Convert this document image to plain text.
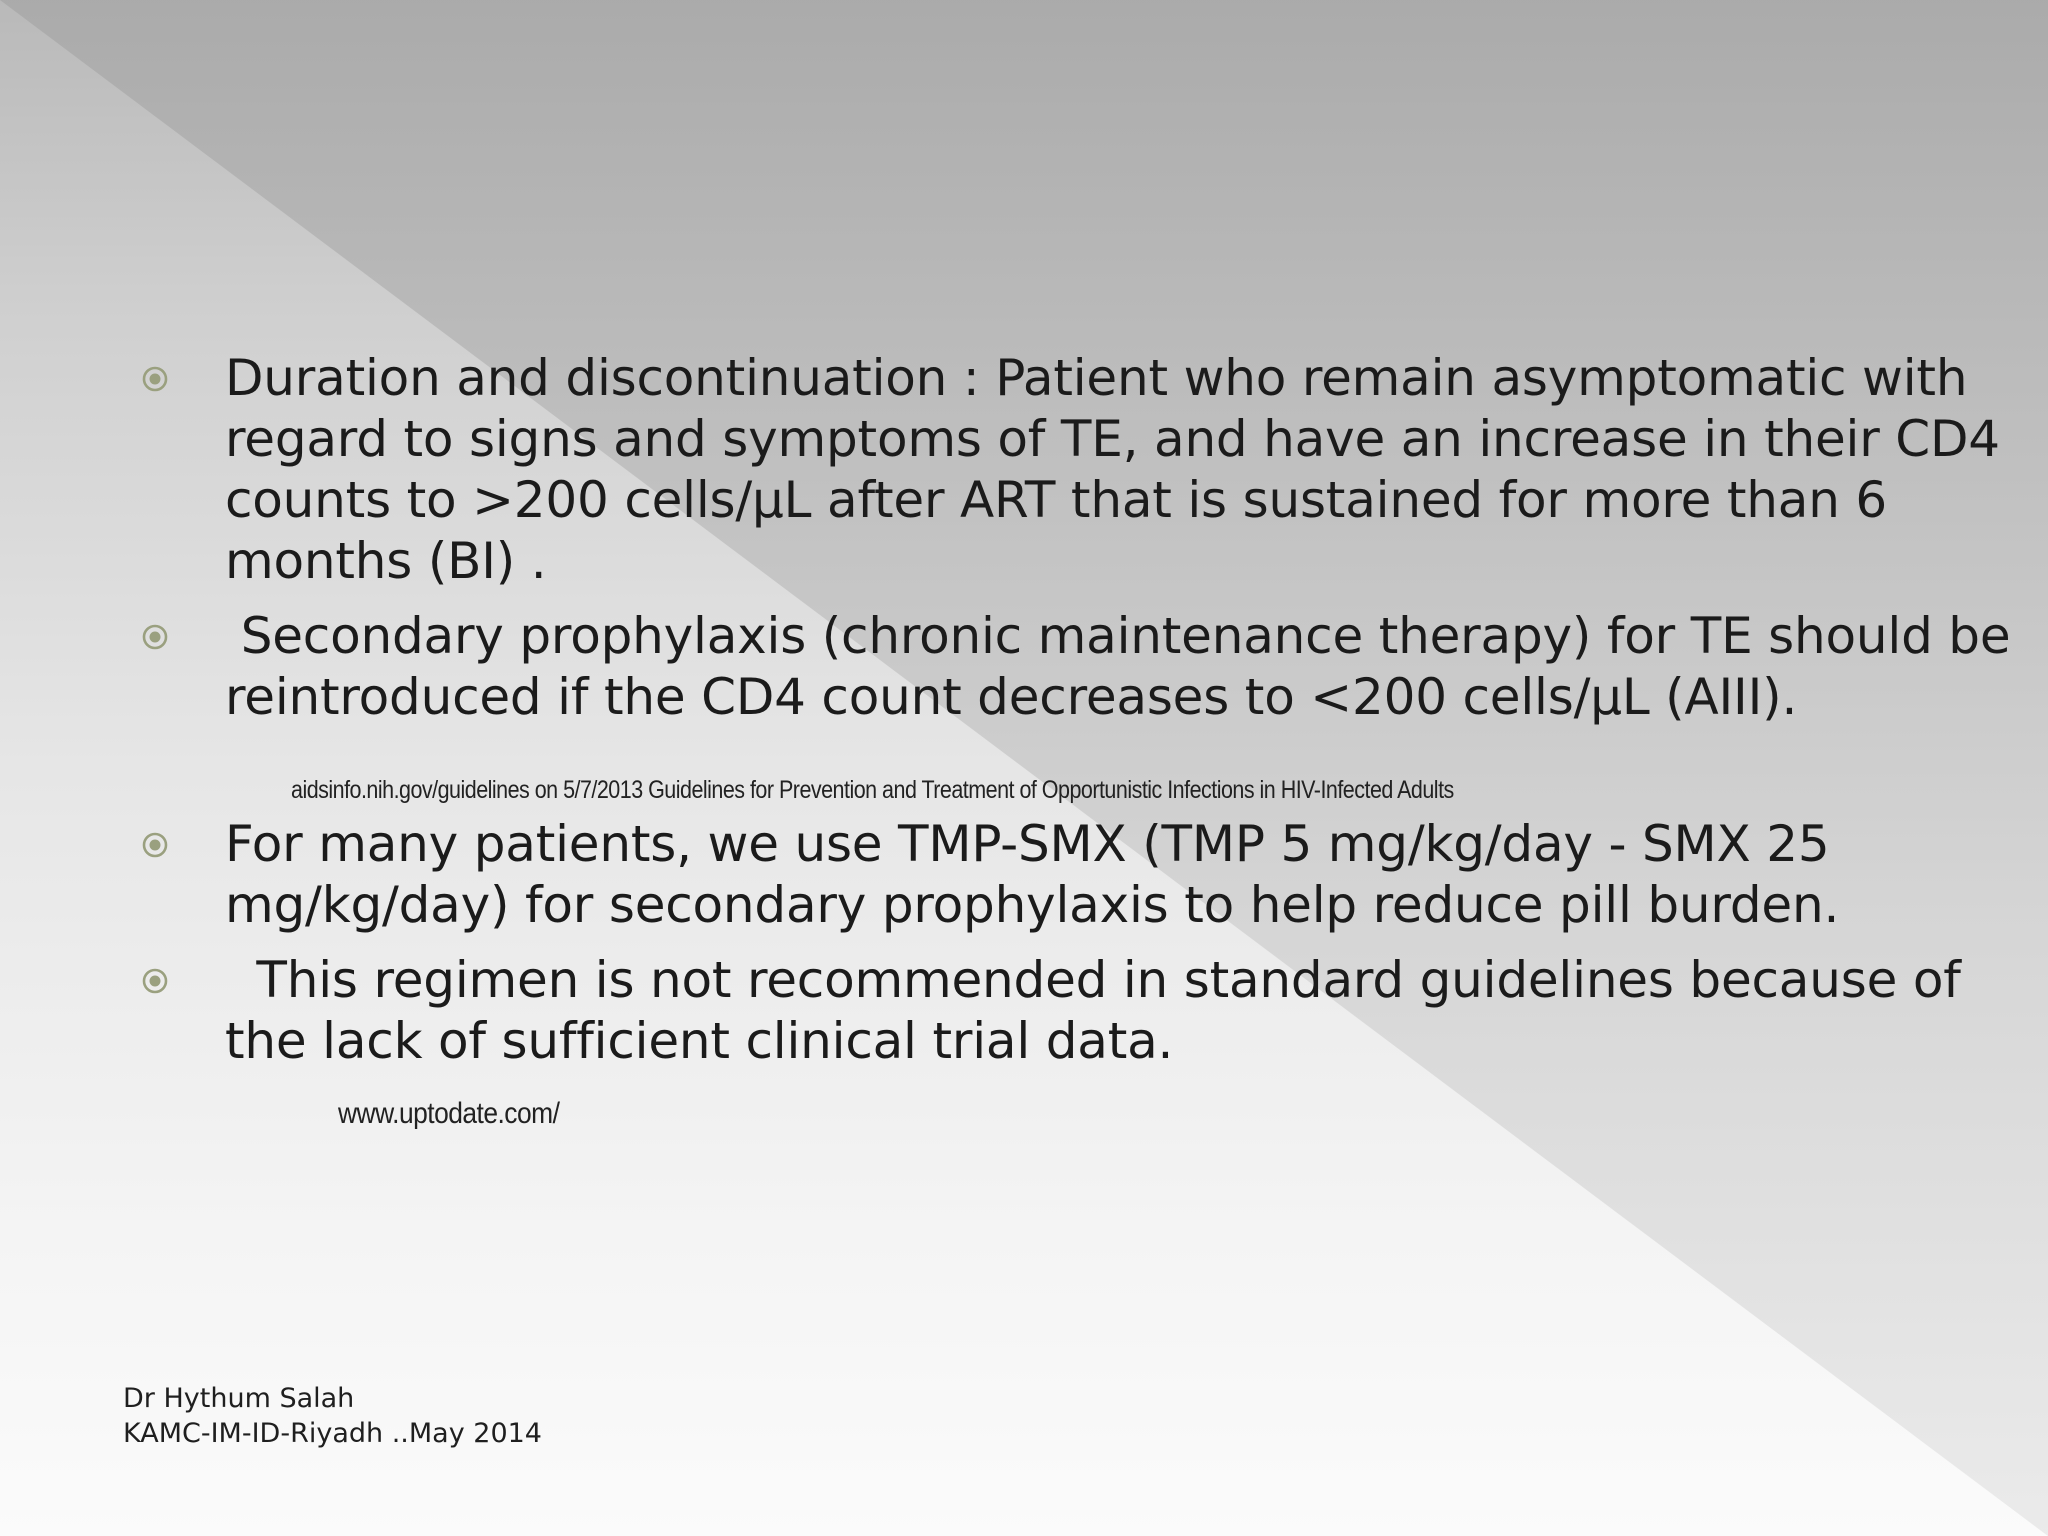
Duration and discontinuation : Patient who remain asymptomatic with regard to signs and symptoms of TE, and have an increase in their CD4 counts to >200 cells/µL after ART that is sustained for more than 6 months (BI) .
Secondary prophylaxis (chronic maintenance therapy) for TE should be reintroduced if the CD4 count decreases to <200 cells/µL (AIII).
aidsinfo.nih.gov/guidelines on 5/7/2013 Guidelines for Prevention and Treatment of Opportunistic Infections in HIV-Infected Adults
For many patients, we use TMP-SMX (TMP 5 mg/kg/day - SMX 25 mg/kg/day) for secondary prophylaxis to help reduce pill burden.
This regimen is not recommended in standard guidelines because of the lack of sufficient clinical trial data.
www.uptodate.com/
Dr Hythum Salah
KAMC-IM-ID-Riyadh ..May 2014
